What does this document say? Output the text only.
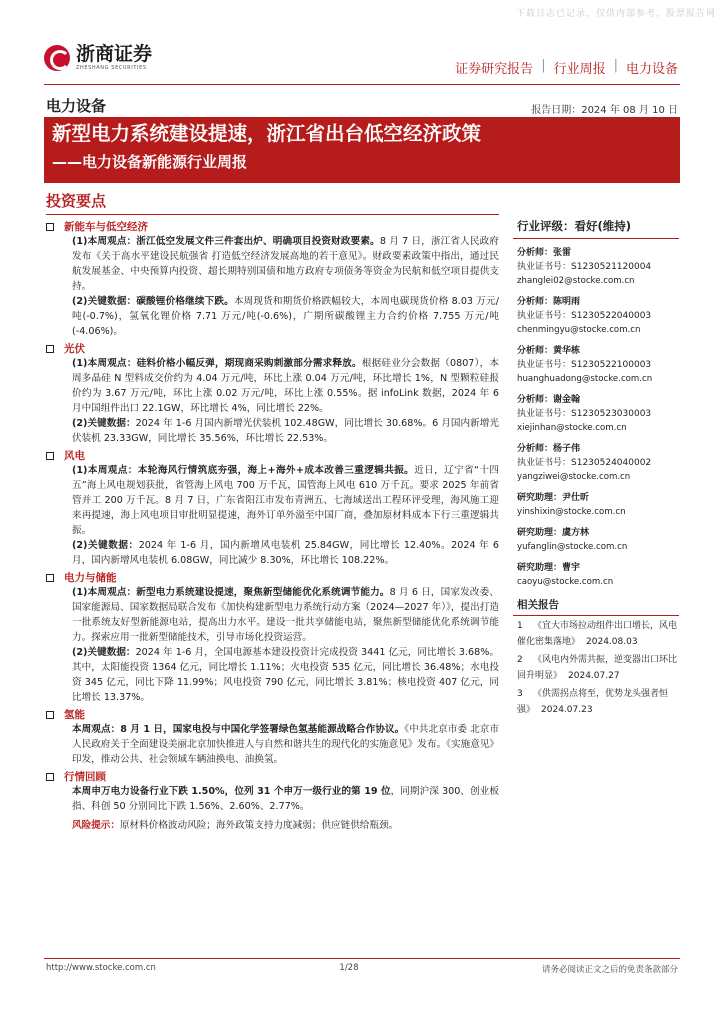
下载日志已记录，仅供内部参考，股票报告网
浙商证券
ZHESHANG SECURITIES	证券研究报告 | 行业周报 | 电力设备
电力设备	报告日期：2024 年 08 月 10 日
新型电力系统建设提速，浙江省出台低空经济政策
——电力设备新能源行业周报
投资要点
新能车与低空经济

(1)本周观点：浙江低空发展文件三件套出炉、明确项目投资财政要素。8 月 7 日，浙江省人民政府发布《关于高水平建设民航强省 打造低空经济发展高地的若干意见》。财政要素政策中指出，通过民航发展基金、中央预算内投资、超长期特别国债和地方政府专项债务等资金为民航和低空项目提供支持。

(2)关键数据：碳酸锂价格继续下跌。本周现货和期货价格跌幅较大，本周电碳现货价格 8.03 万元/吨(-0.7%)，氢氧化锂价格 7.71 万元/吨(-0.6%)，广期所碳酸锂主力合约价格 7.755 万元/吨(-4.06%)。

光伏

(1)本周观点：硅料价格小幅反弹，期现商采购刺激部分需求释放。根据硅业分会数据（0807），本周多晶硅 N 型料成交价约为 4.04 万元/吨，环比上涨 0.04 万元/吨，环比增长 1%，N 型颗粒硅报价约为 3.67 万元/吨，环比上涨 0.02 万元/吨，环比上涨 0.55%。据 infoLink 数据，2024 年 6 月中国组件出口 22.1GW，环比增长 4%，同比增长 22%。

(2)关键数据：2024 年 1-6 月国内新增光伏装机 102.48GW，同比增长 30.68%。6 月国内新增光伏装机 23.33GW，同比增长 35.56%，环比增长 22.53%。

风电

(1)本周观点：本轮海风行情筑底夯强，海上+海外+成本改善三重逻辑共振。近日，辽宁省“十四五”海上风电规划获批，省管海上风电 700 万千瓦，国管海上风电 610 万千瓦。要求 2025 年前省管并工 200 万千瓦。8 月 7 日，广东省阳江市发布青洲五、七海域送出工程环评受理，海风施工迎来再提速，海上风电项目审批明显提速，海外订单外溢至中国厂商，叠加原材料成本下行三重逻辑共振。

(2)关键数据：2024 年 1-6 月，国内新增风电装机 25.84GW，同比增长 12.40%。2024 年 6 月，国内新增风电装机 6.08GW，同比减少 8.30%，环比增长 108.22%。

电力与储能

(1)本周观点：新型电力系统建设提速，聚焦新型储能优化系统调节能力。8 月 6 日，国家发改委、国家能源局、国家数据局联合发布《加快构建新型电力系统行动方案（2024—2027 年）》，提出打造一批系统友好型新能源电站，提高出力水平。建设一批共享储能电站，聚焦新型储能优化系统调节能力。探索应用一批新型储能技术，引导市场化投资运营。

(2)关键数据：2024 年 1-6 月，全国电源基本建设投资计完成投资 3441 亿元，同比增长 3.68%。其中，太阳能投资 1364 亿元，同比增长 1.11%；火电投资 535 亿元，同比增长 36.48%；水电投资 345 亿元，同比下降 11.99%；风电投资 790 亿元，同比增长 3.81%；核电投资 407 亿元，同比增长 13.37%。

氢能

本周观点：8 月 1 日，国家电投与中国化学签署绿色氢基能源战略合作协议。《中共北京市委 北京市人民政府关于全面建设美丽北京加快推进人与自然和谐共生的现代化的实施意见》发布。《实施意见》印发，推动公共、社会领域车辆油换电、油换氢。

行情回顾

本周申万电力设备行业下跌 1.50%，位列 31 个申万一级行业的第 19 位，同期沪深 300、创业板指、科创 50 分别同比下跌 1.56%、2.60%、2.77%。

风险提示：原材料价格波动风险；海外政策支持力度减弱；供应链供给瓶颈。

行业评级：看好(维持)
分析师：张雷
执业证书号：S1230521120004
zhanglei02@stocke.com.cn
分析师：陈明雨
执业证书号：S1230522040003
chenmingyu@stocke.com.cn
分析师：黄华栋
执业证书号：S1230522100003
huanghuadong@stocke.com.cn
分析师：谢金翰
执业证书号：S1230523030003
xiejinhan@stocke.com.cn
分析师：杨子伟
执业证书号：S1230524040002
yangziwei@stocke.com.cn
研究助理：尹仕昕
yinshixin@stocke.com.cn
研究助理：虞方林
yufanglin@stocke.com.cn
研究助理：曹宇
caoyu@stocke.com.cn
相关报告
1 《宜大市场拉动组件出口增长，风电催化密集落地》 2024.08.03
2 《风电内外需共振，逆变器出口环比回升明显》 2024.07.27
3 《供需拐点将至，优势龙头强者恒强》 2024.07.23
http://www.stocke.com.cn	1/28	请务必阅读正文之后的免责条款部分
